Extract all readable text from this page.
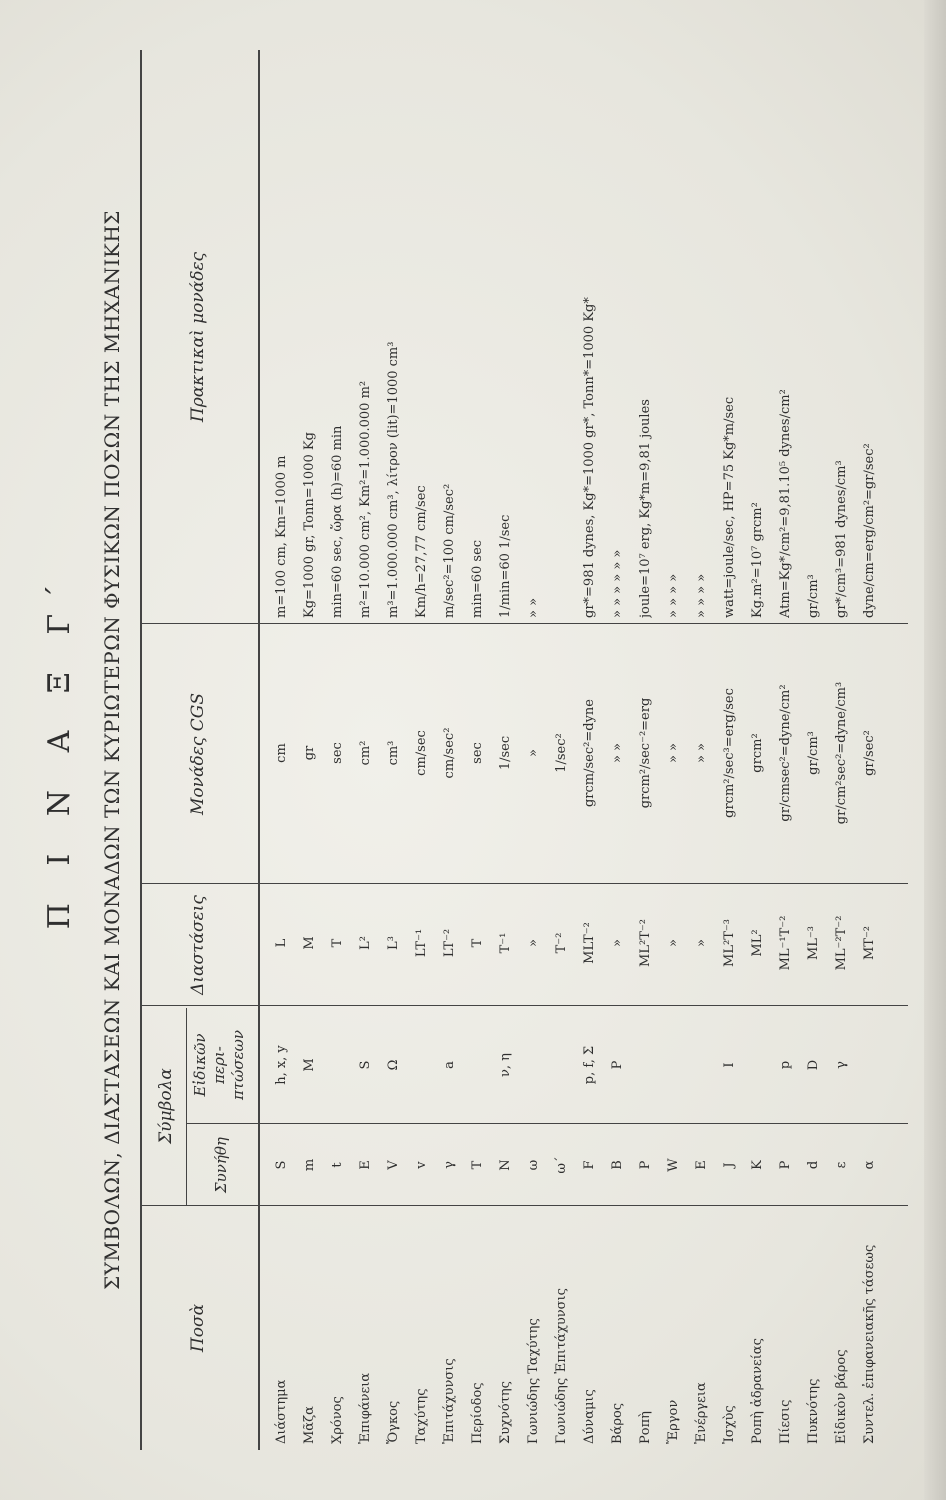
Π Ι Ν Α Ξ Γ΄ ΣΥΜΒΟΛΩΝ, ΔΙΑΣΤΑΣΕΩΝ ΚΑΙ ΜΟΝΑΔΩΝ ΤΩΝ ΚΥΡΙΩΤΕΡΩΝ ΦΥΣΙΚΩΝ ΠΟΣΩΝ ΤΗΣ ΜΗΧΑΝΙΚΗΣ
Ποσὰ
Σύμβολα
Συνήθη
Εἰδικῶν περι- πτώσεων
Διαστάσεις
Μονάδες CGS
Πρακτικαὶ μονάδες
Διάστημα
S
h, x, y
L
cm
m=100 cm, Km=1000 m
Μᾶζα
m
M
M
gr
Kg=1000 gr, Tonn=1000 Kg
Χρόνος
t
T
sec
min=60 sec, ὥρα (h)=60 min
Ἐπιφάνεια
E
S
L²
cm²
m²=10.000 cm², Km²=1.000.000 m²
Ὄγκος
V
Ω
L³
cm³
m³=1.000.000 cm³, λίτρον (lit)=1000 cm³
Ταχύτης
v
LT⁻¹
cm/sec
Km/h=27,77 cm/sec
Ἐπιτάχυνσις
γ
a
LT⁻²
cm/sec²
m/sec²=100 cm/sec²
Περίοδος
T
T
sec
min=60 sec
Συχνότης
N
ν, η
T⁻¹
1/sec
1/min=60 1/sec
Γωνιώδης Ταχύτης
ω
»
»
» »
Γωνιώδης Ἐπιτάχυνσις
ω΄
T⁻²
1/sec²
Δύναμις
F
p, f, Σ
MLT⁻²
grcm/sec²=dyne
gr*=981 dynes, Kg*=1000 gr*, Tonn*=1000 Kg*
Βάρος
B
P
»
» »
» » » » » »
Ροπὴ
P
ML²T⁻²
grcm²/sec⁻²=erg
joule=10⁷ erg, Kg*m=9,81 joules
Ἔργον
W
»
» »
» » » »
Ἐνέργεια
E
»
» »
» » » »
Ἰσχὺς
J
I
ML²T⁻³
grcm²/sec³=erg/sec
watt=joule/sec, HP=75 Kg*m/sec
Ροπὴ ἀδρανείας
K
ML²
grcm²
Kg.m²=10⁷ grcm²
Πίεσις
P
p
ML⁻¹T⁻²
gr/cmsec²=dyne/cm²
Atm=Kg*/cm²=9,81.10⁵ dynes/cm²
Πυκνότης
d
D
ML⁻³
gr/cm³
gr/cm³
Εἰδικὸν βάρος
ε
γ
ML⁻²T⁻²
gr/cm²sec²=dyne/cm³
gr*/cm³=981 dynes/cm³
Συντελ. ἐπιφανειακῆς τάσεως
α
MT⁻²
gr/sec²
dyne/cm=erg/cm²=gr/sec²
